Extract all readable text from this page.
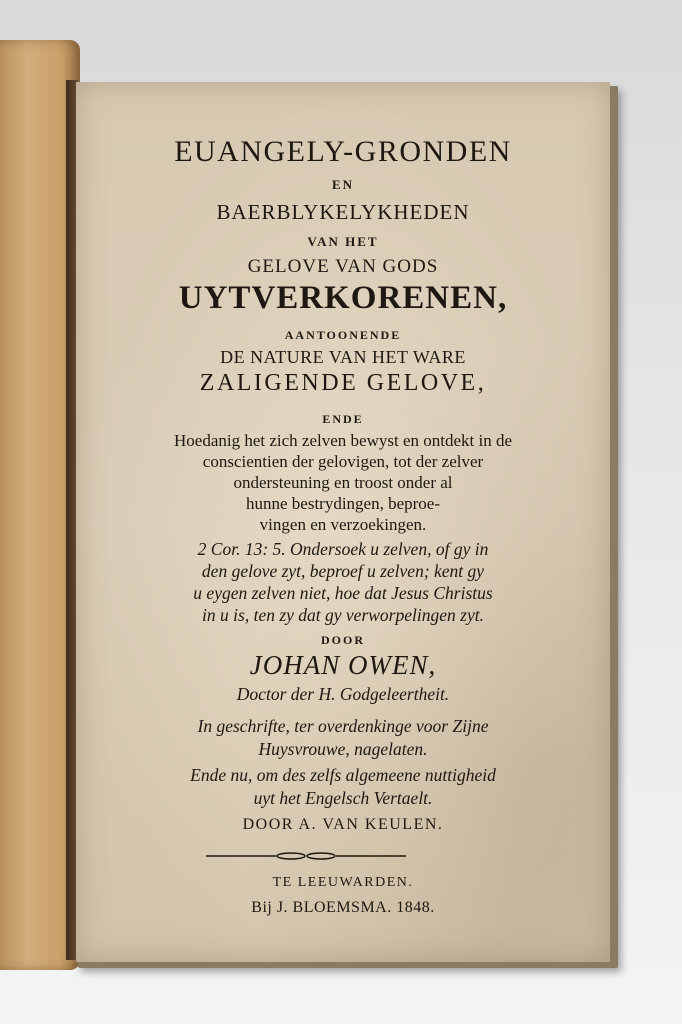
EUANGELY-GRONDEN
EN
BAERBLYKELYKHEDEN
VAN HET
GELOVE VAN GODS
UYTVERKORENEN,
AANTOONENDE
DE NATURE VAN HET WARE
ZALIGENDE GELOVE,
ENDE
Hoedanig het zich zelven bewyst en ontdekt in de
conscientien der gelovigen, tot der zelver
ondersteuning en troost onder al
hunne bestrydingen, beproe-
vingen en verzoekingen.
2 Cor. 13: 5. Ondersoek u zelven, of gy in
den gelove zyt, beproef u zelven; kent gy
u eygen zelven niet, hoe dat Jesus Christus
in u is, ten zy dat gy verworpelingen zyt.
DOOR
JOHAN OWEN,
Doctor der H. Godgeleertheit.
In geschrifte, ter overdenkinge voor Zijne
Huysvrouwe, nagelaten.
Ende nu, om des zelfs algemeene nuttigheid
uyt het Engelsch Vertaelt.
DOOR A. VAN KEULEN.
TE LEEUWARDEN.
Bij J. BLOEMSMA. 1848.
